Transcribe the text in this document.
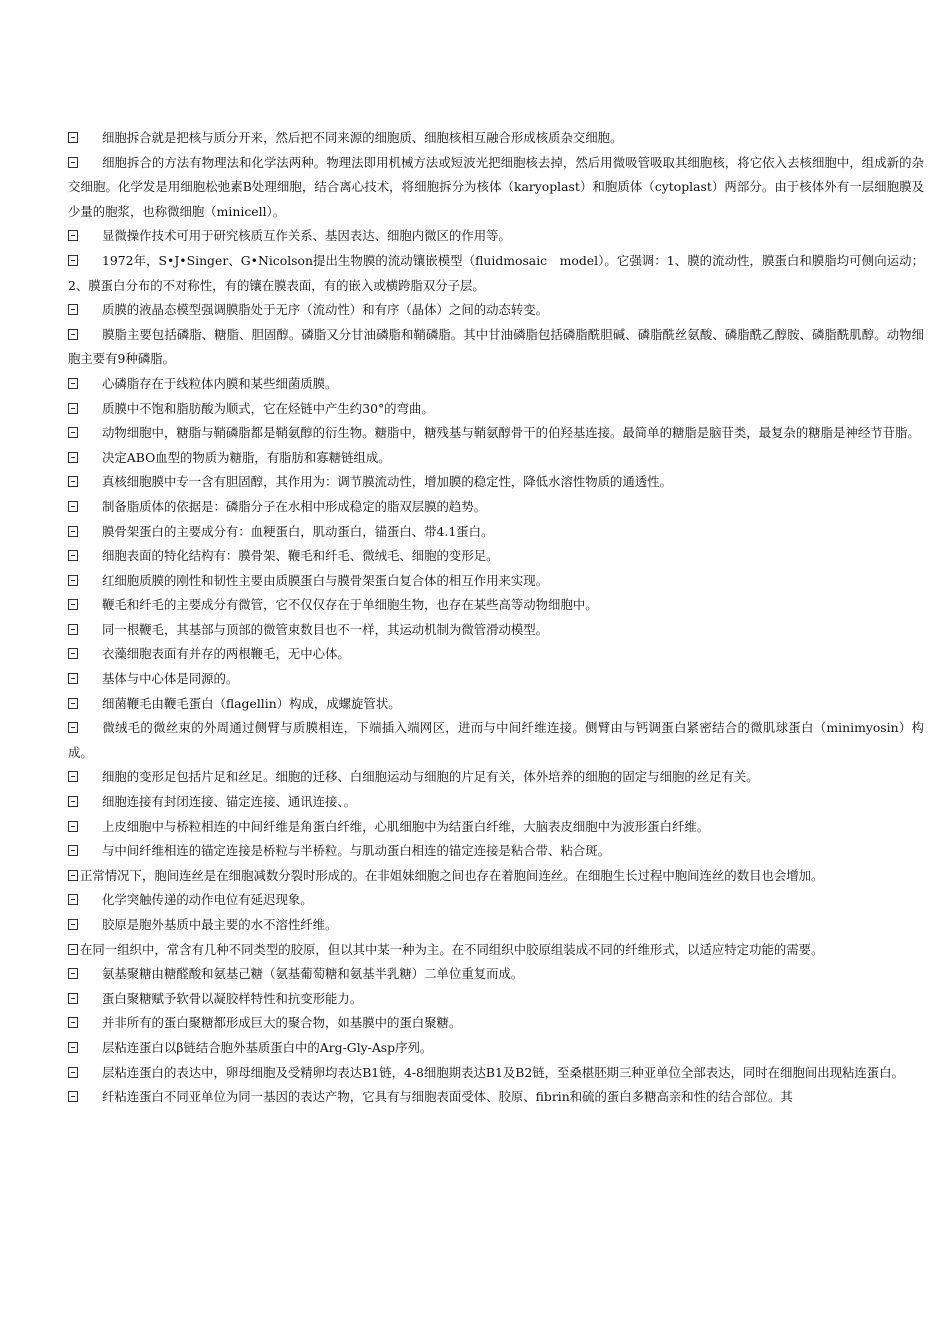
细胞拆合就是把核与质分开来，然后把不同来源的细胞质、细胞核相互融合形成核质杂交细胞。

细胞拆合的方法有物理法和化学法两种。物理法即用机械方法或短波光把细胞核去掉，然后用微吸管吸取其细胞核，将它依入去核细胞中，组成新的杂交细胞。化学发是用细胞松弛素B处理细胞，结合离心技术，将细胞拆分为核体（karyoplast）和胞质体（cytoplast）两部分。由于核体外有一层细胞膜及少量的胞浆，也称微细胞（minicell）。

显微操作技术可用于研究核质互作关系、基因表达、细胞内微区的作用等。

1972年，S•J•Singer、G•Nicolson提出生物膜的流动镶嵌模型（fluidmosaic　model）。它强调：1、膜的流动性，膜蛋白和膜脂均可侧向运动；2、膜蛋白分布的不对称性，有的镶在膜表面，有的嵌入或横跨脂双分子层。

质膜的液晶态模型强调膜脂处于无序（流动性）和有序（晶体）之间的动态转变。

膜脂主要包括磷脂、糖脂、胆固醇。磷脂又分甘油磷脂和鞘磷脂。其中甘油磷脂包括磷脂酰胆碱、磷脂酰丝氨酸、磷脂酰乙醇胺、磷脂酰肌醇。动物细胞主要有9种磷脂。

心磷脂存在于线粒体内膜和某些细菌质膜。

质膜中不饱和脂肪酸为顺式，它在烃链中产生约30°的弯曲。

动物细胞中，糖脂与鞘磷脂都是鞘氨醇的衍生物。糖脂中，糖残基与鞘氨醇骨干的伯羟基连接。最简单的糖脂是脑苷类，最复杂的糖脂是神经节苷脂。

决定ABO血型的物质为糖脂，有脂肪和寡糖链组成。

真核细胞膜中专一含有胆固醇，其作用为：调节膜流动性，增加膜的稳定性，降低水溶性物质的通透性。

制备脂质体的依据是：磷脂分子在水相中形成稳定的脂双层膜的趋势。

膜骨架蛋白的主要成分有：血粳蛋白，肌动蛋白，锚蛋白、带4.1蛋白。

细胞表面的特化结构有：膜骨架、鞭毛和纤毛、微绒毛、细胞的变形足。

红细胞质膜的刚性和韧性主要由质膜蛋白与膜骨架蛋白复合体的相互作用来实现。

鞭毛和纤毛的主要成分有微管，它不仅仅存在于单细胞生物，也存在某些高等动物细胞中。

同一根鞭毛，其基部与顶部的微管束数目也不一样，其运动机制为微管滑动模型。

衣藻细胞表面有并存的两根鞭毛，无中心体。

基体与中心体是同源的。

细菌鞭毛由鞭毛蛋白（flagellin）构成，成螺旋管状。

微绒毛的微丝束的外周通过侧臂与质膜相连，下端插入端网区，进而与中间纤维连接。侧臂由与钙调蛋白紧密结合的微肌球蛋白（minimyosin）构成。

细胞的变形足包括片足和丝足。细胞的迁移、白细胞运动与细胞的片足有关，体外培养的细胞的固定与细胞的丝足有关。

细胞连接有封闭连接、锚定连接、通讯连接、。

上皮细胞中与桥粒相连的中间纤维是角蛋白纤维，心肌细胞中为结蛋白纤维，大脑表皮细胞中为波形蛋白纤维。

与中间纤维相连的锚定连接是桥粒与半桥粒。与肌动蛋白相连的锚定连接是粘合带、粘合斑。

正常情况下，胞间连丝是在细胞减数分裂时形成的。在非姐妹细胞之间也存在着胞间连丝。在细胞生长过程中胞间连丝的数目也会增加。

化学突触传递的动作电位有延迟现象。

胶原是胞外基质中最主要的水不溶性纤维。

在同一组织中，常含有几种不同类型的胶原，但以其中某一种为主。在不同组织中胶原组装成不同的纤维形式，以适应特定功能的需要。

氨基聚糖由糖醛酸和氨基己糖（氨基葡萄糖和氨基半乳糖）二单位重复而成。

蛋白聚糖赋予软骨以凝胶样特性和抗变形能力。

并非所有的蛋白聚糖都形成巨大的聚合物，如基膜中的蛋白聚糖。

层粘连蛋白以β链结合胞外基质蛋白中的Arg-Gly-Asp序列。

层粘连蛋白的表达中，卵母细胞及受精卵均表达B1链，4-8细胞期表达B1及B2链，至桑椹胚期三种亚单位全部表达，同时在细胞间出现粘连蛋白。

纤粘连蛋白不同亚单位为同一基因的表达产物，它具有与细胞表面受体、胶原、fibrin和硫的蛋白多糖高亲和性的结合部位。其
